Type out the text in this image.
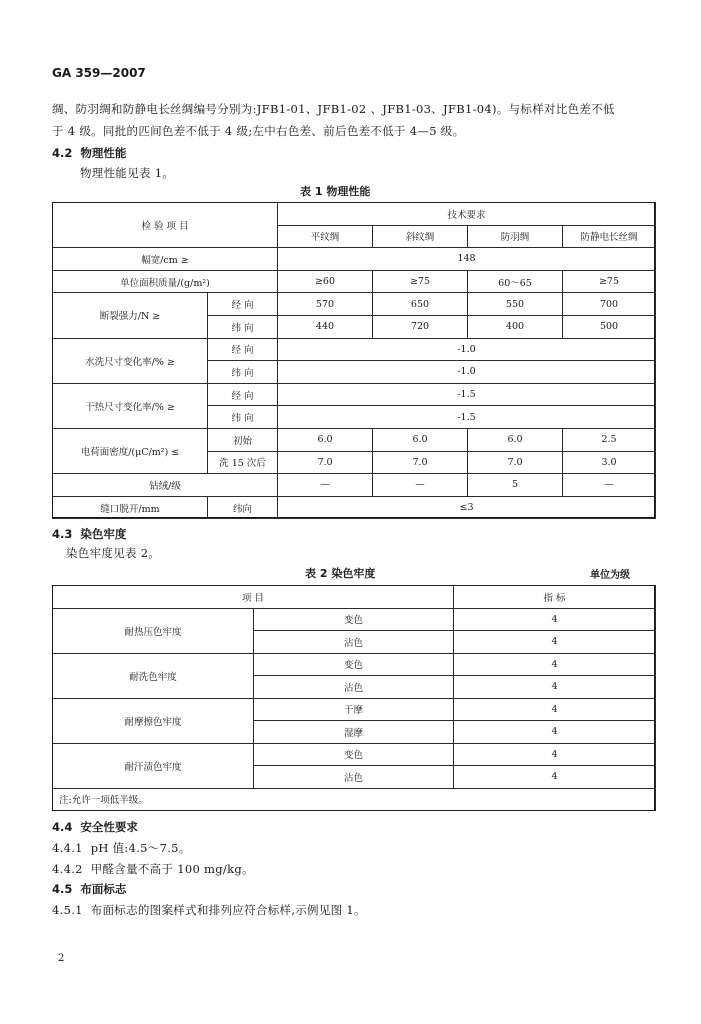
GA 359—2007
绸、防羽绸和防静电长丝绸编号分别为:JFB1-01、JFB1-02 、JFB1-03、JFB1-04)。与标样对比色差不低
于 4 级。同批的匹间色差不低于 4 级;左中右色差、前后色差不低于 4—5 级。
4.2 物理性能
物理性能见表 1。
表 1 物理性能
检 验 项 目		技术要求			
		平纹绸	斜纹绸	防羽绸	防静电长丝绸
幅宽/cm ≥		148			
单位面积质量/(g/m²)		≥60	≥75	60～65	≥75
断裂强力/N ≥	经 向	570	650	550	700
	纬 向	440	720	400	500
水洗尺寸变化率/% ≥	经 向	-1.0			
	纬 向	-1.0			
干热尺寸变化率/% ≥	经 向	-1.5			
	纬 向	-1.5			
电荷面密度/(μC/m²) ≤	初始	6.0	6.0	6.0	2.5
	洗 15 次后	7.0	7.0	7.0	3.0
钻绒/级		—	—	5	—
缝口脱开/mm	纬向	≤3			
4.3 染色牢度
染色牢度见表 2。
表 2 染色牢度	单位为级
项 目		指 标
耐热压色牢度	变色	4
	沾色	4
耐洗色牢度	变色	4
	沾色	4
耐摩擦色牢度	干摩	4
	湿摩	4
耐汗渍色牢度	变色	4
	沾色	4
注:允许一项低半级。		
4.4 安全性要求
4.4.1 pH 值:4.5～7.5。
4.4.2 甲醛含量不高于 100 mg/kg。
4.5 布面标志
4.5.1 布面标志的图案样式和排列应符合标样,示例见图 1。
2
